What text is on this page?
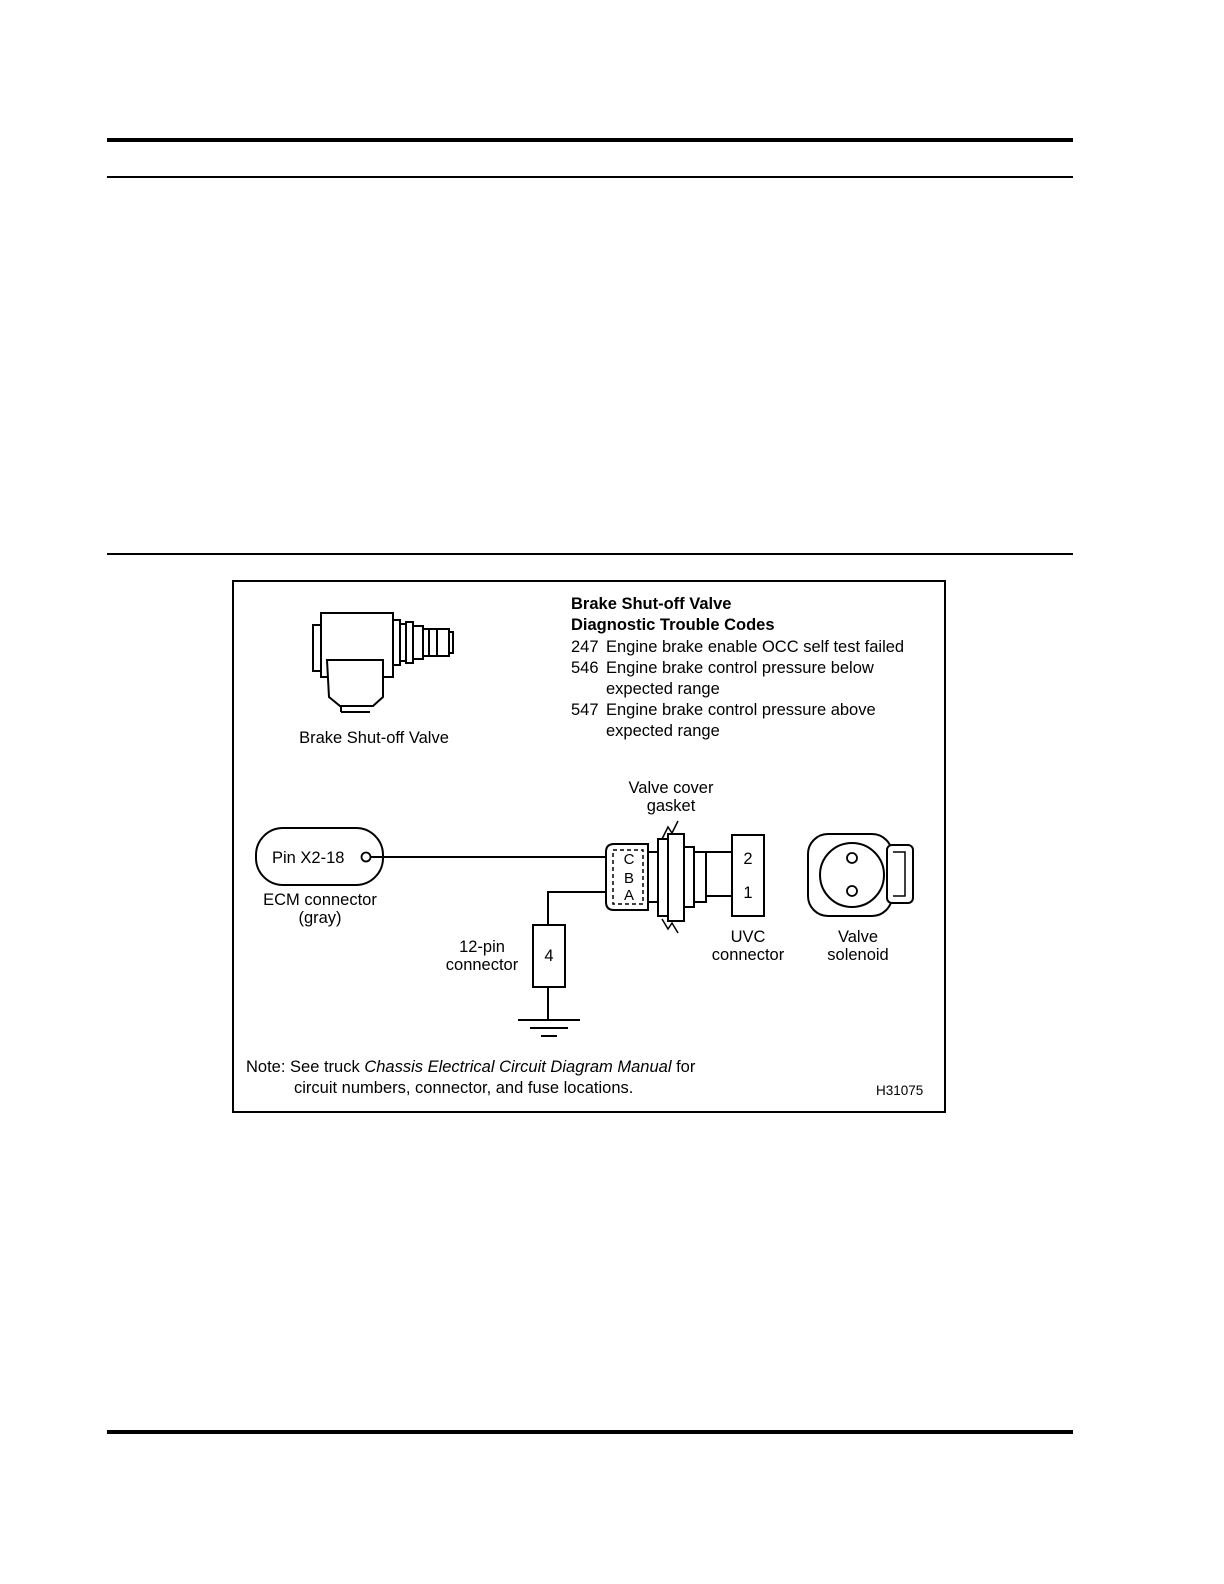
Brake Shut-off Valve
Brake Shut-off Valve
Diagnostic Trouble Codes
247 Engine brake enable OCC self test failed
546 Engine brake control pressure below
expected range
547 Engine brake control pressure above
expected range
Pin X2-18
ECM connector
(gray)
4
12-pin
connector
Valve cover
gasket
C
B
A
2
1
UVC
connector
Valve
solenoid
Note: See truck Chassis Electrical Circuit Diagram Manual for
circuit numbers, connector, and fuse locations.	H31075
